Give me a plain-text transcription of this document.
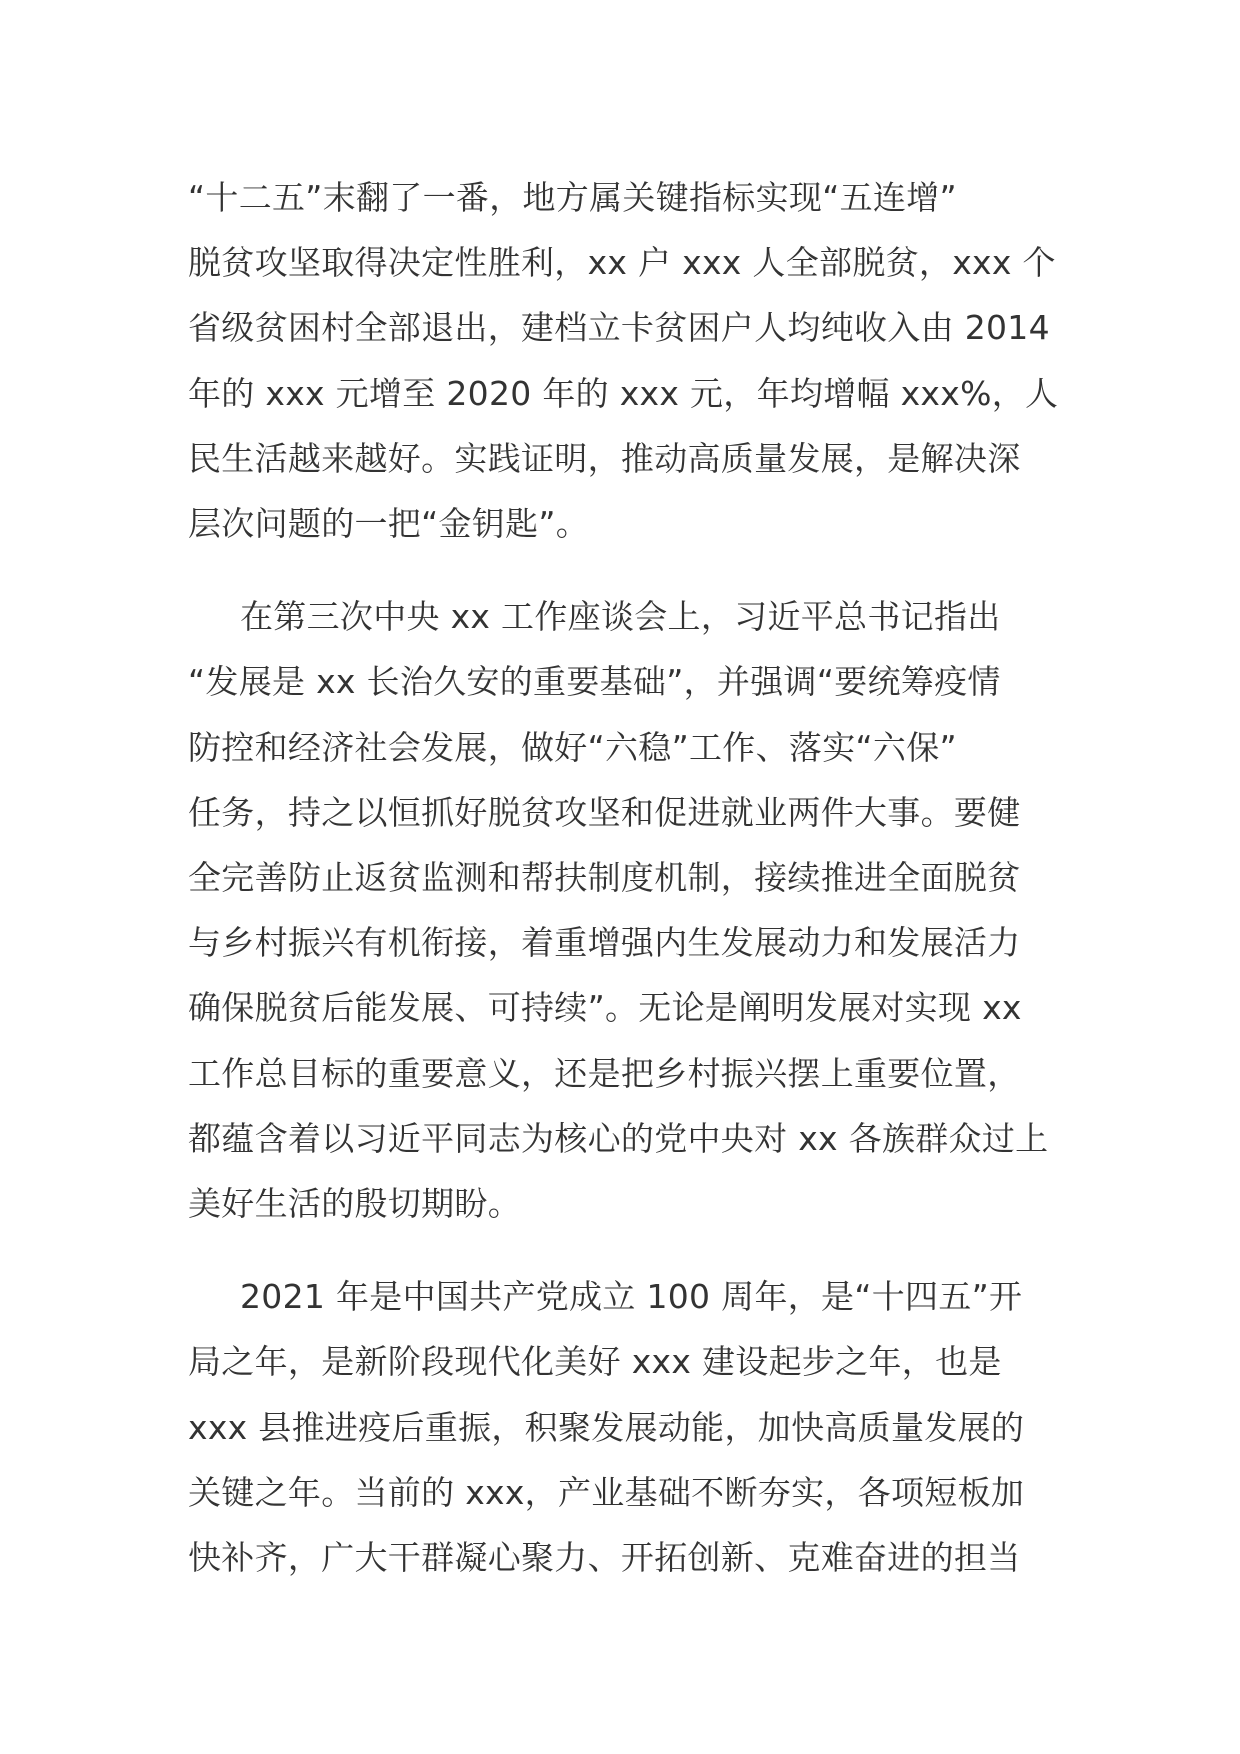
“十二五”末翻了一番，地方属关键指标实现“五连增”
脱贫攻坚取得决定性胜利，xx 户 xxx 人全部脱贫，xxx 个
省级贫困村全部退出，建档立卡贫困户人均纯收入由 2014
年的 xxx 元增至 2020 年的 xxx 元，年均增幅 xxx%，人
民生活越来越好。实践证明，推动高质量发展，是解决深
层次问题的一把“金钥匙”。

在第三次中央 xx 工作座谈会上，习近平总书记指出
“发展是 xx 长治久安的重要基础”，并强调“要统筹疫情
防控和经济社会发展，做好“六稳”工作、落实“六保”
任务，持之以恒抓好脱贫攻坚和促进就业两件大事。要健
全完善防止返贫监测和帮扶制度机制，接续推进全面脱贫
与乡村振兴有机衔接，着重增强内生发展动力和发展活力
确保脱贫后能发展、可持续”。无论是阐明发展对实现 xx
工作总目标的重要意义，还是把乡村振兴摆上重要位置，
都蕴含着以习近平同志为核心的党中央对 xx 各族群众过上
美好生活的殷切期盼。

2021 年是中国共产党成立 100 周年，是“十四五”开
局之年，是新阶段现代化美好 xxx 建设起步之年，也是
xxx 县推进疫后重振，积聚发展动能，加快高质量发展的
关键之年。当前的 xxx，产业基础不断夯实，各项短板加
快补齐，广大干群凝心聚力、开拓创新、克难奋进的担当
